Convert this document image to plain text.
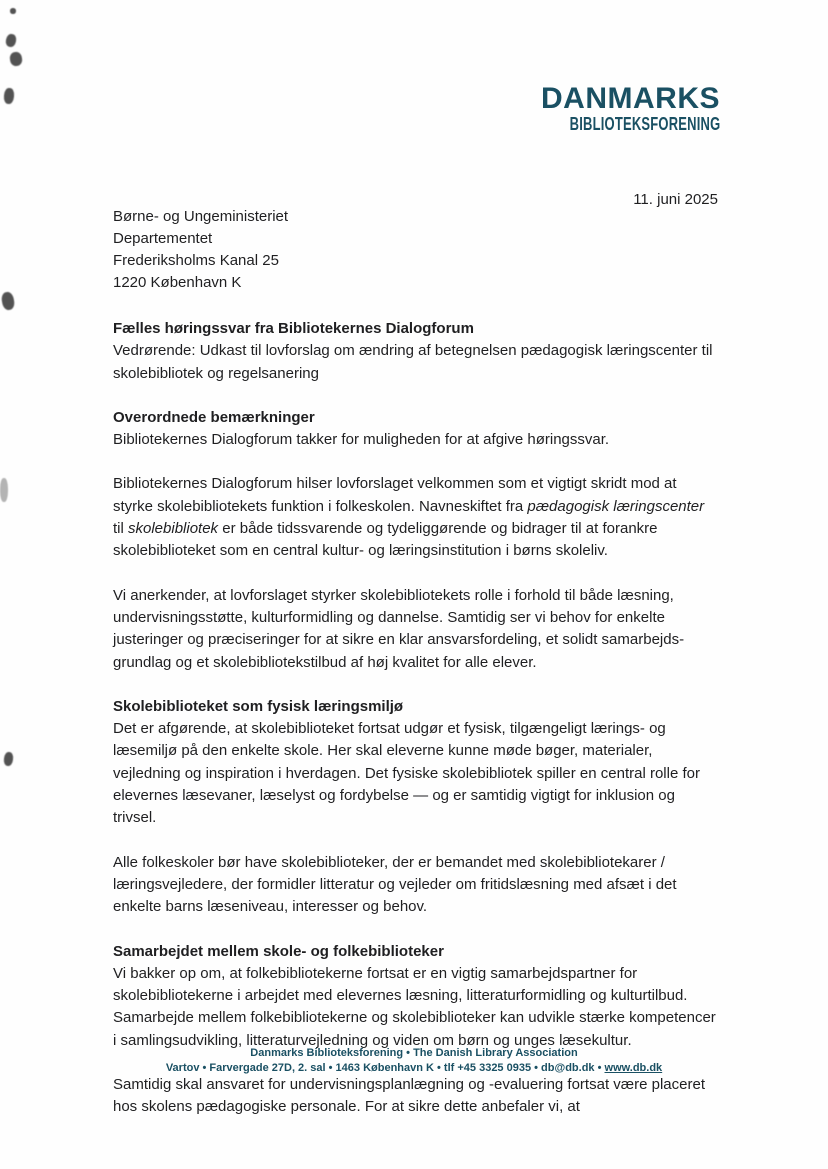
DANMARKS
BIBLIOTEKSFORENING
11. juni 2025
Børne- og Ungeministeriet
Departementet
Frederiksholms Kanal 25
1220 København K

Fælles høringssvar fra Bibliotekernes Dialogforum

Vedrørende: Udkast til lovforslag om ændring af betegnelsen pædagogisk læringscenter til skolebibliotek og regelsanering

Overordnede bemærkninger

Bibliotekernes Dialogforum takker for muligheden for at afgive høringssvar.

Bibliotekernes Dialogforum hilser lovforslaget velkommen som et vigtigt skridt mod at styrke skolebibliotekets funktion i folkeskolen. Navneskiftet fra pædagogisk læringscenter til skolebibliotek er både tidssvarende og tydeliggørende og bidrager til at forankre skolebiblioteket som en central kultur- og læringsinstitution i børns skoleliv.

Vi anerkender, at lovforslaget styrker skolebibliotekets rolle i forhold til både læsning, undervisningsstøtte, kulturformidling og dannelse. Samtidig ser vi behov for enkelte justeringer og præciseringer for at sikre en klar ansvarsfordeling, et solidt samarbejds-grundlag og et skolebibliotekstilbud af høj kvalitet for alle elever.

Skolebiblioteket som fysisk læringsmiljø

Det er afgørende, at skolebiblioteket fortsat udgør et fysisk, tilgængeligt lærings- og læsemiljø på den enkelte skole. Her skal eleverne kunne møde bøger, materialer, vejledning og inspiration i hverdagen. Det fysiske skolebibliotek spiller en central rolle for elevernes læsevaner, læselyst og fordybelse — og er samtidig vigtigt for inklusion og trivsel.

Alle folkeskoler bør have skolebiblioteker, der er bemandet med skolebibliotekarer / læringsvejledere, der formidler litteratur og vejleder om fritidslæsning med afsæt i det enkelte barns læseniveau, interesser og behov.

Samarbejdet mellem skole- og folkebiblioteker

Vi bakker op om, at folkebibliotekerne fortsat er en vigtig samarbejdspartner for skolebibliotekerne i arbejdet med elevernes læsning, litteraturformidling og kulturtilbud. Samarbejde mellem folkebibliotekerne og skolebiblioteker kan udvikle stærke kompetencer i samlingsudvikling, litteraturvejledning og viden om børn og unges læsekultur.

Samtidig skal ansvaret for undervisningsplanlægning og -evaluering fortsat være placeret hos skolens pædagogiske personale. For at sikre dette anbefaler vi, at

Danmarks Biblioteksforening • The Danish Library Association
Vartov • Farvergade 27D, 2. sal • 1463 København K • tlf +45 3325 0935 • db@db.dk • www.db.dk
